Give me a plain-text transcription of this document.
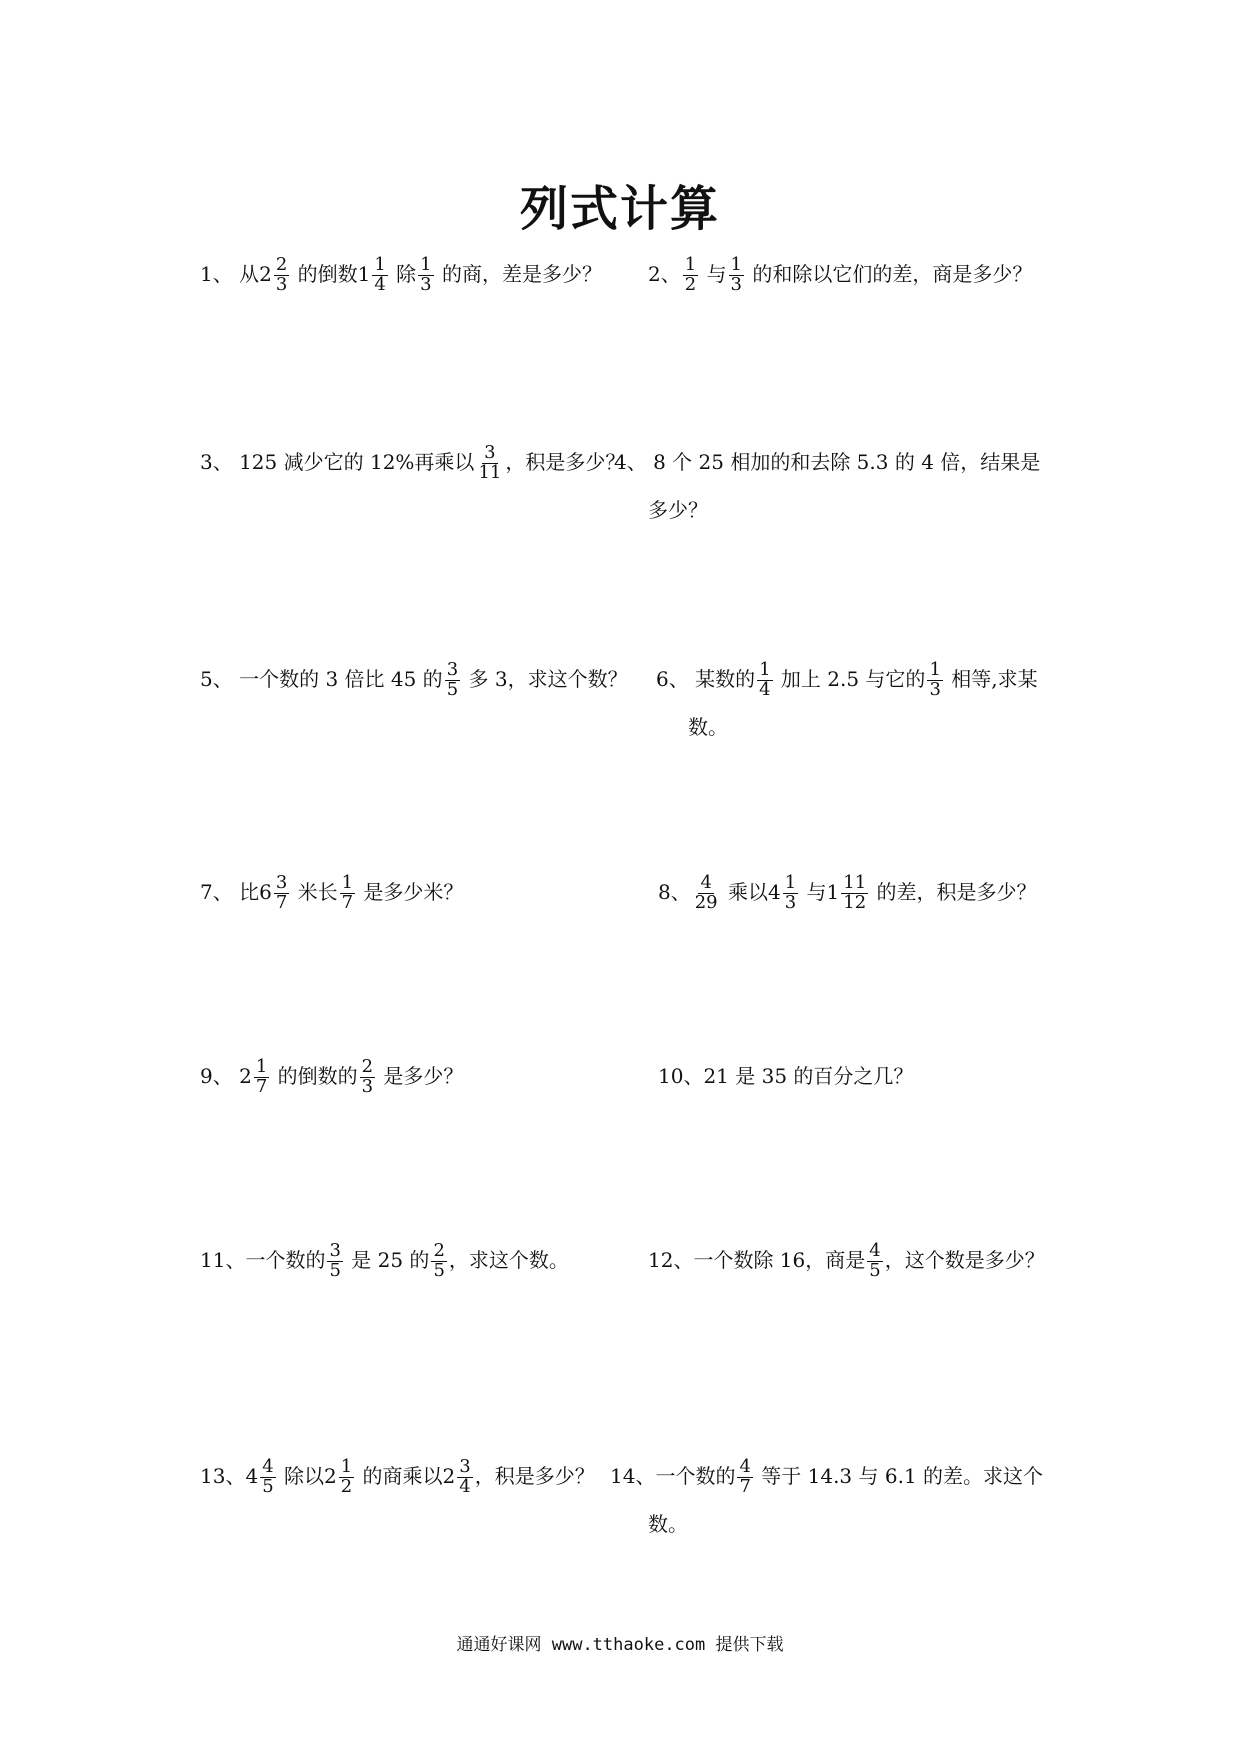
列式计算
1、 从$2 \frac{2}{3}$ 的倒数$1 \frac{1}{4}$ 除 $\frac{1}{3}$ 的商，差是多少？ 2、 $\frac{1}{2}$ 与 $\frac{1}{3}$ 的和除以它们的差，商是多少？
3、 125 减少它的 12%再乘以 $\frac{3}{11}$ ，积是多少？
4、 8 个 25 相加的和去除 5.3 的 4 倍，结果是
多少？
5、 一个数的 3 倍比 45 的 $\frac{3}{5}$ 多 3，求这个数？ 6、 某数的 $\frac{1}{4}$ 加上 2.5 与它的 $\frac{1}{3}$ 相等,求某
数。
7、 比$6 \frac{3}{7}$ 米长 $\frac{1}{7}$ 是多少米？	8、 $\frac{4}{29}$ 乘以$4 \frac{1}{3}$ 与$1 \frac{11}{12}$ 的差，积是多少？
9、 $2 \frac{1}{7}$ 的倒数的 $\frac{2}{3}$ 是多少？	10、21 是 35 的百分之几？
11、一个数的 $\frac{3}{5}$ 是 25 的 $\frac{2}{5}$ ，求这个数。	12、一个数除 16，商是 $\frac{4}{5}$ ，这个数是多少？
13、$4 \frac{4}{5}$ 除以$2 \frac{1}{2}$ 的商乘以$2 \frac{3}{4}$ ，积是多少？ 14、一个数的 $\frac{4}{7}$ 等于 14.3 与 6.1 的差。求这个
数。
通通好课网 www.tthaoke.com 提供下载
